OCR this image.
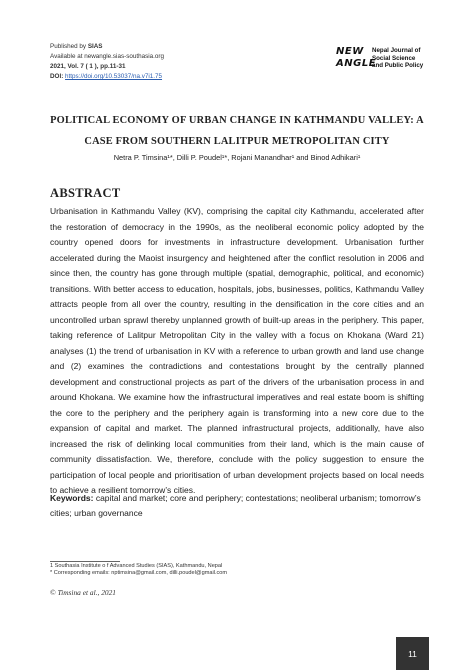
Published by SIAS
Available at newangle.sias-southasia.org
2021, Vol. 7 ( 1 ), pp.11-31
DOI: https://doi.org/10.53037/na.v7i1.75
NEW
ANGLE
Nepal Journal of
Social Science
and Public Policy
POLITICAL ECONOMY OF URBAN CHANGE IN KATHMANDU VALLEY: A
CASE FROM SOUTHERN LALITPUR METROPOLITAN CITY
Netra P. Timsina¹*, Dilli P. Poudel¹*, Rojani Manandhar¹ and Binod Adhikari¹
ABSTRACT

Urbanisation in Kathmandu Valley (KV), comprising the capital city Kathmandu, accelerated after the restoration of democracy in the 1990s, as the neoliberal economic policy adopted by the country opened doors for investments in infrastructure development. Urbanisation further accelerated during the Maoist insurgency and heightened after the conflict resolution in 2006 and since then, the country has gone through multiple (spatial, demographic, political, and economic) transitions. With better access to education, hospitals, jobs, businesses, politics, Kathmandu Valley attracts people from all over the country, resulting in the densification in the core cities and an uncontrolled urban sprawl thereby unplanned growth of built-up areas in the periphery. This paper, taking reference of Lalitpur Metropolitan City in the valley with a focus on Khokana (Ward 21) analyses (1) the trend of urbanisation in KV with a reference to urban growth and land use change and (2) examines the contradictions and contestations brought by the centrally planned development and constructional projects as part of the drivers of the urbanisation process in and around Khokana. We examine how the infrastructural imperatives and real estate boom is shifting the core to the periphery and the periphery again is transforming into a new core due to the expansion of capital and market. The planned infrastructural projects, additionally, have also increased the risk of delinking local communities from their land, which is the main cause of community dissatisfaction. We, therefore, conclude with the policy suggestion to ensure the participation of local people and prioritisation of urban development projects based on local needs to achieve a resilient tomorrow’s cities.

Keywords: capital and market; core and periphery; contestations; neoliberal urbanism; tomorrow’s cities; urban governance
1 Southasia Institute o f Advanced Studies (SIAS), Kathmandu, Nepal
* Corresponding emails: nptimsina@gmail.com, dilli.poudel@gmail.com
© Timsina et al., 2021
11
